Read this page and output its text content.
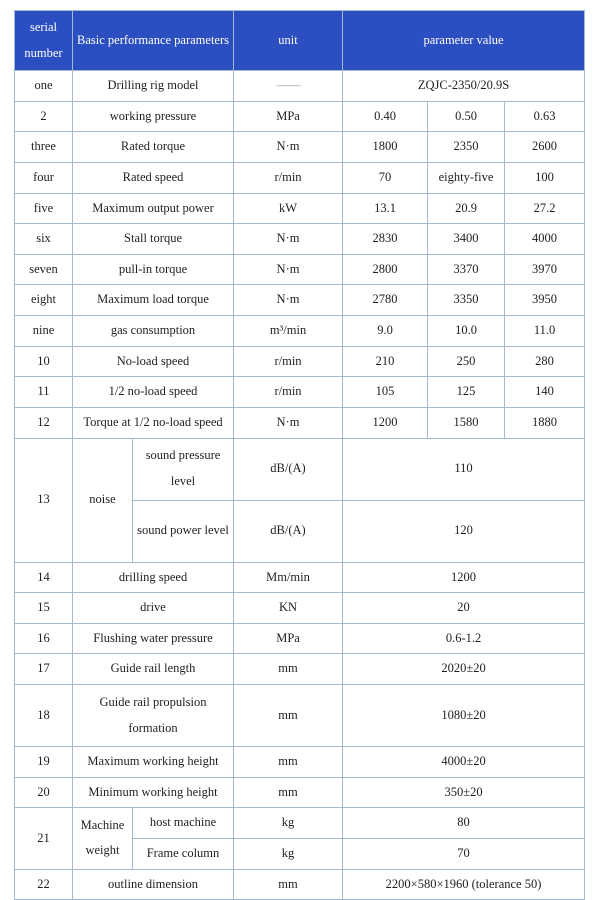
serial number	Basic performance parameters		unit	parameter value		
one	Drilling rig model		——	ZQJC-2350/20.9S		
2	working pressure		MPa	0.40	0.50	0.63
three	Rated torque		N·m	1800	2350	2600
four	Rated speed		r/min	70	eighty-five	100
five	Maximum output power		kW	13.1	20.9	27.2
six	Stall torque		N·m	2830	3400	4000
seven	pull-in torque		N·m	2800	3370	3970
eight	Maximum load torque		N·m	2780	3350	3950
nine	gas consumption		m³/min	9.0	10.0	11.0
10	No-load speed		r/min	210	250	280
11	1/2 no-load speed		r/min	105	125	140
12	Torque at 1/2 no-load speed		N·m	1200	1580	1880
13	noise	sound pressure level	dB/(A)	110		
		sound power level	dB/(A)	120		
14	drilling speed		Mm/min	1200		
15	drive		KN	20		
16	Flushing water pressure		MPa	0.6-1.2		
17	Guide rail length		mm	2020±20		
18	Guide rail propulsion formation		mm	1080±20		
19	Maximum working height		mm	4000±20		
20	Minimum working height		mm	350±20		
21	Machine weight	host machine	kg	80		
		Frame column	kg	70		
22	outline dimension		mm	2200×580×1960 (tolerance 50)		
